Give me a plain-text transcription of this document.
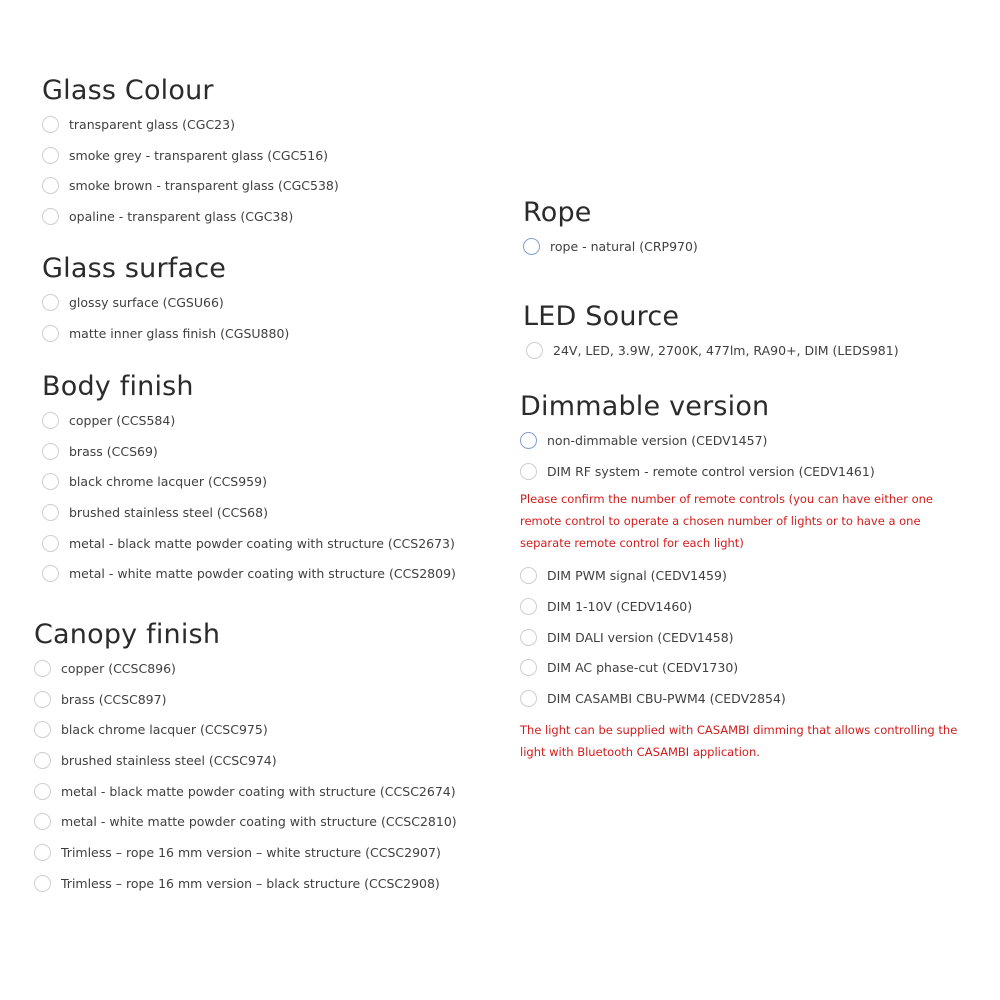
Glass Colour
transparent glass (CGC23)
smoke grey - transparent glass (CGC516)
smoke brown - transparent glass (CGC538)
opaline - transparent glass (CGC38)
Glass surface
glossy surface (CGSU66)
matte inner glass finish (CGSU880)
Body finish
copper (CCS584)
brass (CCS69)
black chrome lacquer (CCS959)
brushed stainless steel (CCS68)
metal - black matte powder coating with structure (CCS2673)
metal - white matte powder coating with structure (CCS2809)
Canopy finish
copper (CCSC896)
brass (CCSC897)
black chrome lacquer (CCSC975)
brushed stainless steel (CCSC974)
metal - black matte powder coating with structure (CCSC2674)
metal - white matte powder coating with structure (CCSC2810)
Trimless – rope 16 mm version – white structure (CCSC2907)
Trimless – rope 16 mm version – black structure (CCSC2908)
Rope
rope - natural (CRP970)
LED Source
24V, LED, 3.9W, 2700K, 477lm, RA90+, DIM (LEDS981)
Dimmable version
non-dimmable version (CEDV1457)
DIM RF system - remote control version (CEDV1461)
Please confirm the number of remote controls (you can have either one remote control to operate a chosen number of lights or to have a one separate remote control for each light)
DIM PWM signal (CEDV1459)
DIM 1-10V (CEDV1460)
DIM DALI version (CEDV1458)
DIM AC phase-cut (CEDV1730)
DIM CASAMBI CBU-PWM4 (CEDV2854)
The light can be supplied with CASAMBI dimming that allows controlling the light with Bluetooth CASAMBI application.
